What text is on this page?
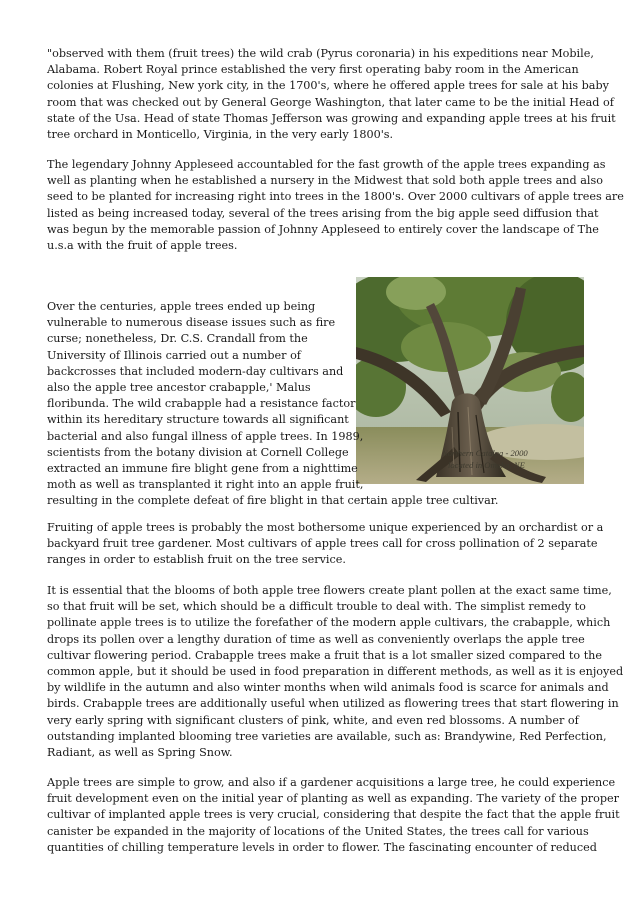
"observed with them (fruit trees) the wild crab (Pyrus coronaria) in his expeditions near Mobile,
Alabama. Robert Royal prince established the very first operating baby room in the American
colonies at Flushing, New york city, in the 1700's, where he offered apple trees for sale at his baby
room that was checked out by General George Washington, that later came to be the initial Head of
state of the Usa. Head of state Thomas Jefferson was growing and expanding apple trees at his fruit
tree orchard in Monticello, Virginia, in the very early 1800's.
The legendary Johnny Appleseed accountabled for the fast growth of the apple trees expanding as
well as planting when he established a nursery in the Midwest that sold both apple trees and also
seed to be planted for increasing right into trees in the 1800's. Over 2000 cultivars of apple trees are
listed as being increased today, several of the trees arising from the big apple seed diffusion that
was begun by the memorable passion of Johnny Appleseed to entirely cover the landscape of The
u.s.a with the fruit of apple trees.
Northern Catalpa - 2000
located in Omaha, NE
Over the centuries, apple trees ended up being
vulnerable to numerous disease issues such as fire
curse; nonetheless, Dr. C.S. Crandall from the
University of Illinois carried out a number of
backcrosses that included modern-day cultivars and
also the apple tree ancestor crabapple,' Malus
floribunda. The wild crabapple had a resistance factor
within its hereditary structure towards all significant
bacterial and also fungal illness of apple trees. In 1989,
scientists from the botany division at Cornell College
extracted an immune fire blight gene from a nighttime
moth as well as transplanted it right into an apple fruit,
resulting in the complete defeat of fire blight in that certain apple tree cultivar.
Fruiting of apple trees is probably the most bothersome unique experienced by an orchardist or a
backyard fruit tree gardener. Most cultivars of apple trees call for cross pollination of 2 separate
ranges in order to establish fruit on the tree service.
It is essential that the blooms of both apple tree flowers create plant pollen at the exact same time,
so that fruit will be set, which should be a difficult trouble to deal with. The simplist remedy to
pollinate apple trees is to utilize the forefather of the modern apple cultivars, the crabapple, which
drops its pollen over a lengthy duration of time as well as conveniently overlaps the apple tree
cultivar flowering period. Crabapple trees make a fruit that is a lot smaller sized compared to the
common apple, but it should be used in food preparation in different methods, as well as it is enjoyed
by wildlife in the autumn and also winter months when wild animals food is scarce for animals and
birds. Crabapple trees are additionally useful when utilized as flowering trees that start flowering in
very early spring with significant clusters of pink, white, and even red blossoms. A number of
outstanding implanted blooming tree varieties are available, such as: Brandywine, Red Perfection,
Radiant, as well as Spring Snow.
Apple trees are simple to grow, and also if a gardener acquisitions a large tree, he could experience
fruit development even on the initial year of planting as well as expanding. The variety of the proper
cultivar of implanted apple trees is very crucial, considering that despite the fact that the apple fruit
canister be expanded in the majority of locations of the United States, the trees call for various
quantities of chilling temperature levels in order to flower. The fascinating encounter of reduced
